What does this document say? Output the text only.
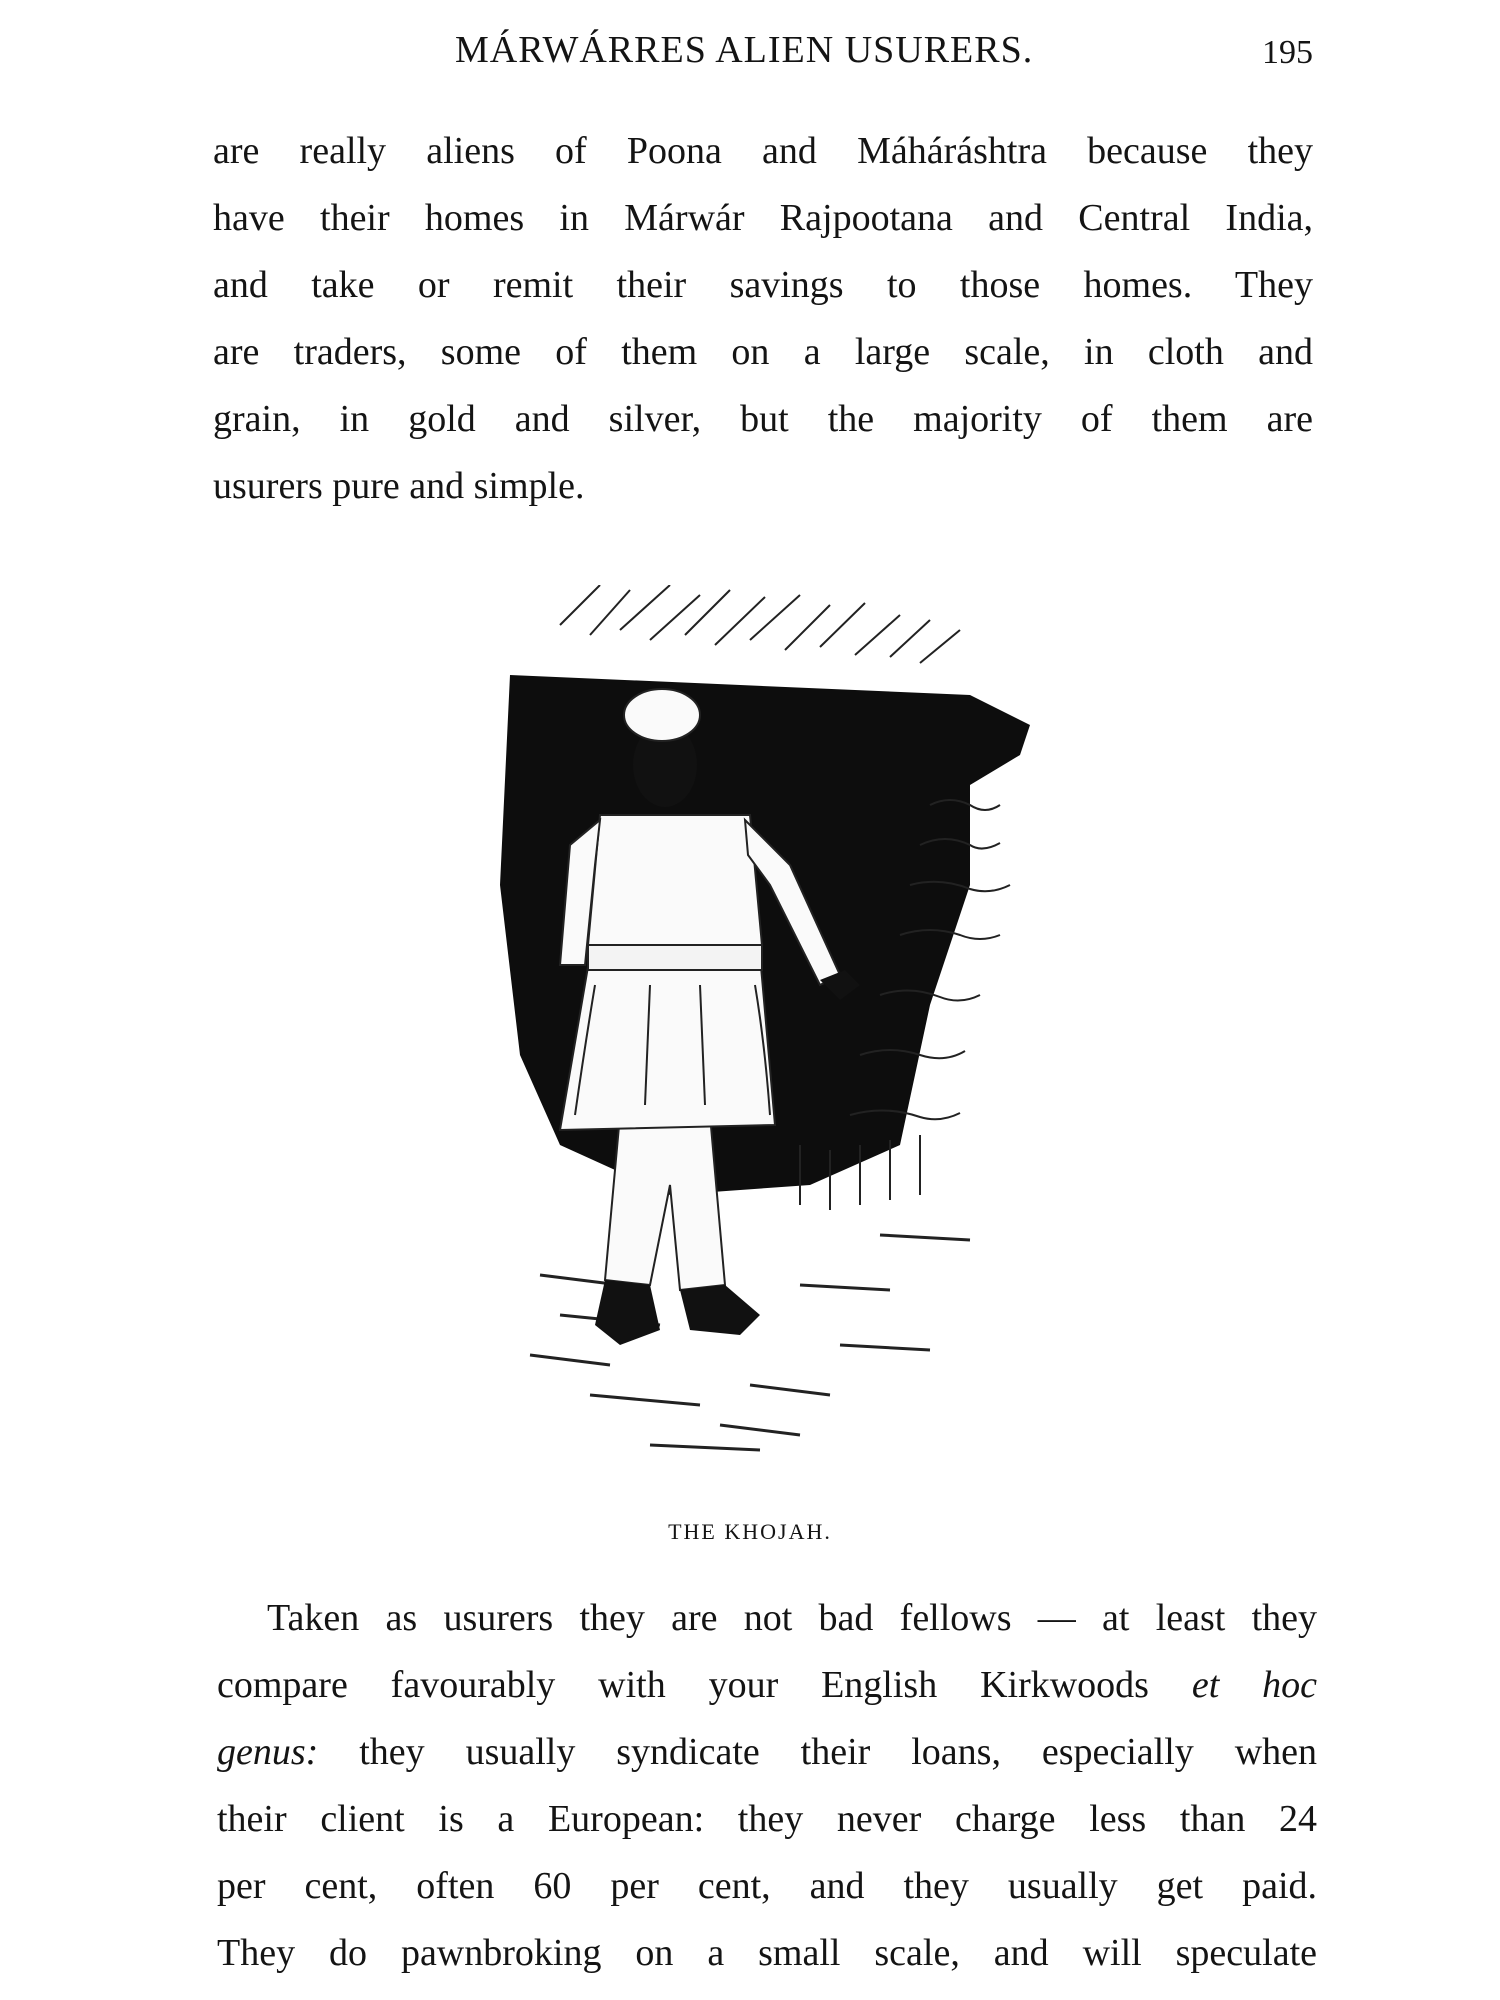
MÁRWÁRRES ALIEN USURERS.	195
are really aliens of Poona and Máháráshtra because they
have their homes in Márwár Rajpootana and Central India,
and take or remit their savings to those homes. They
are traders, some of them on a large scale, in cloth and
grain, in gold and silver, but the majority of them are
usurers pure and simple.
THE KHOJAH.
Taken as usurers they are not bad fellows — at least they
compare favourably with your English Kirkwoods et hoc
genus: they usually syndicate their loans, especially when
their client is a European: they never charge less than 24
per cent, often 60 per cent, and they usually get paid.
They do pawnbroking on a small scale, and will speculate
